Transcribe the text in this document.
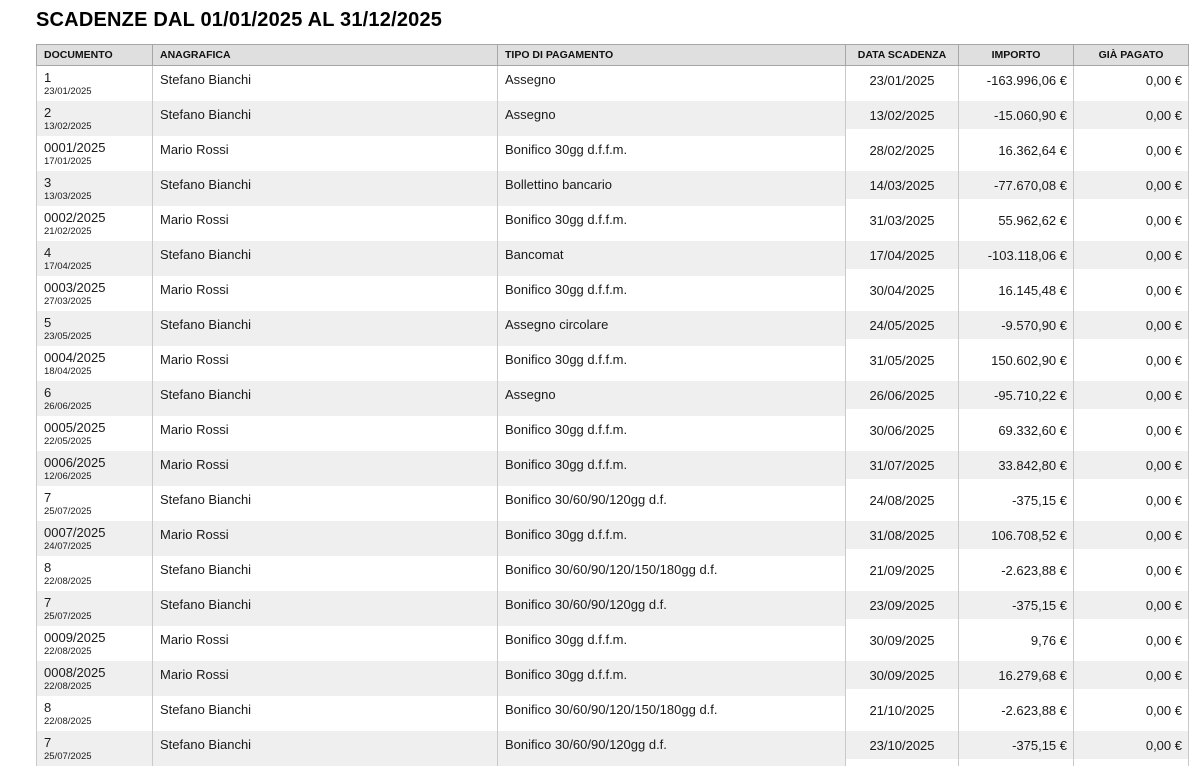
SCADENZE DAL 01/01/2025 AL 31/12/2025
DOCUMENTO	ANAGRAFICA	TIPO DI PAGAMENTO	DATA SCADENZA	IMPORTO	GIÀ PAGATO

1
23/01/2025	Stefano Bianchi	Assegno	23/01/2025	-163.996,06 €	0,00 €

2
13/02/2025	Stefano Bianchi	Assegno	13/02/2025	-15.060,90 €	0,00 €

0001/2025
17/01/2025	Mario Rossi	Bonifico 30gg d.f.f.m.	28/02/2025	16.362,64 €	0,00 €

3
13/03/2025	Stefano Bianchi	Bollettino bancario	14/03/2025	-77.670,08 €	0,00 €

0002/2025
21/02/2025	Mario Rossi	Bonifico 30gg d.f.f.m.	31/03/2025	55.962,62 €	0,00 €

4
17/04/2025	Stefano Bianchi	Bancomat	17/04/2025	-103.118,06 €	0,00 €

0003/2025
27/03/2025	Mario Rossi	Bonifico 30gg d.f.f.m.	30/04/2025	16.145,48 €	0,00 €

5
23/05/2025	Stefano Bianchi	Assegno circolare	24/05/2025	-9.570,90 €	0,00 €

0004/2025
18/04/2025	Mario Rossi	Bonifico 30gg d.f.f.m.	31/05/2025	150.602,90 €	0,00 €

6
26/06/2025	Stefano Bianchi	Assegno	26/06/2025	-95.710,22 €	0,00 €

0005/2025
22/05/2025	Mario Rossi	Bonifico 30gg d.f.f.m.	30/06/2025	69.332,60 €	0,00 €

0006/2025
12/06/2025	Mario Rossi	Bonifico 30gg d.f.f.m.	31/07/2025	33.842,80 €	0,00 €

7
25/07/2025	Stefano Bianchi	Bonifico 30/60/90/120gg d.f.	24/08/2025	-375,15 €	0,00 €

0007/2025
24/07/2025	Mario Rossi	Bonifico 30gg d.f.f.m.	31/08/2025	106.708,52 €	0,00 €

8
22/08/2025	Stefano Bianchi	Bonifico 30/60/90/120/150/180gg d.f.	21/09/2025	-2.623,88 €	0,00 €

7
25/07/2025	Stefano Bianchi	Bonifico 30/60/90/120gg d.f.	23/09/2025	-375,15 €	0,00 €

0009/2025
22/08/2025	Mario Rossi	Bonifico 30gg d.f.f.m.	30/09/2025	9,76 €	0,00 €

0008/2025
22/08/2025	Mario Rossi	Bonifico 30gg d.f.f.m.	30/09/2025	16.279,68 €	0,00 €

8
22/08/2025	Stefano Bianchi	Bonifico 30/60/90/120/150/180gg d.f.	21/10/2025	-2.623,88 €	0,00 €

7
25/07/2025	Stefano Bianchi	Bonifico 30/60/90/120gg d.f.	23/10/2025	-375,15 €	0,00 €
